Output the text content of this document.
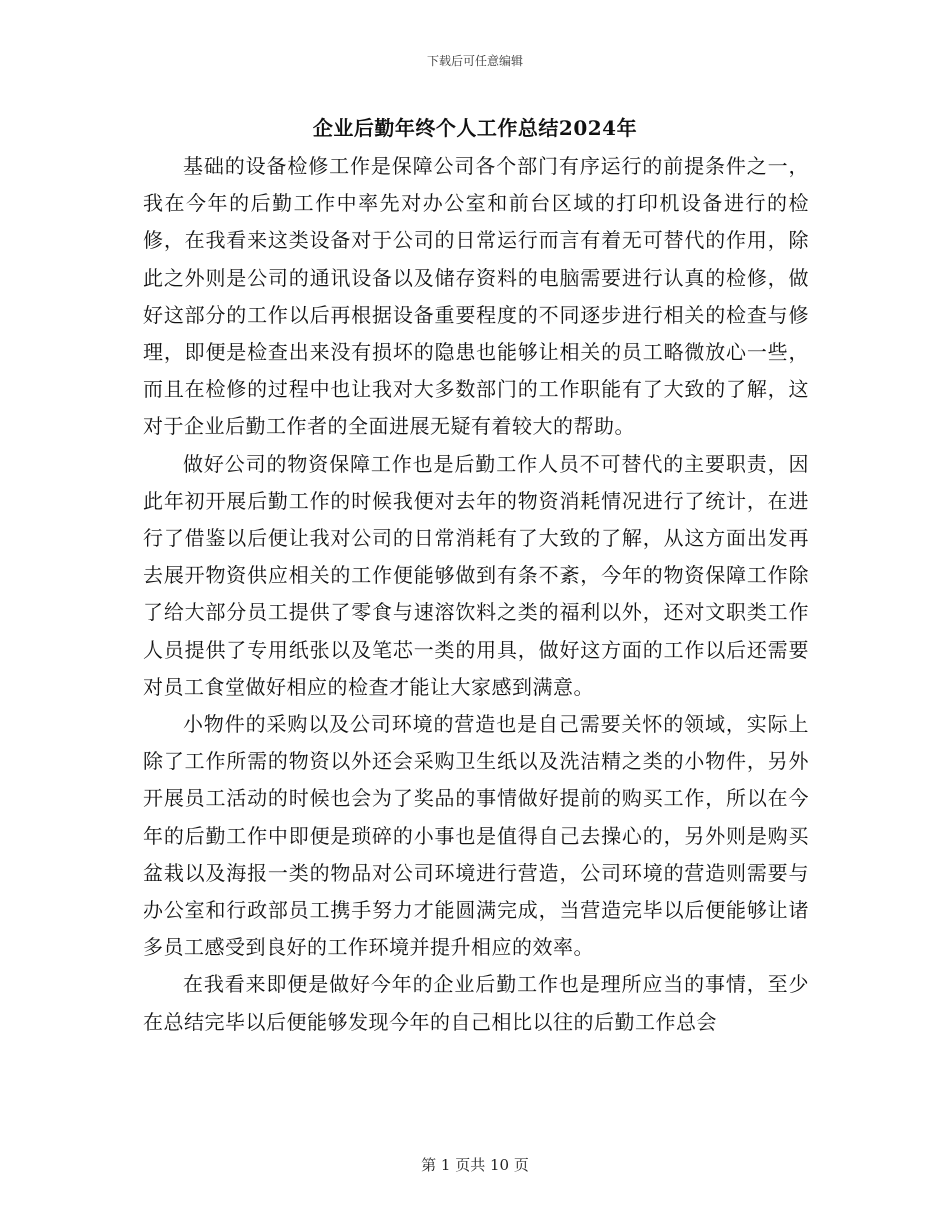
下载后可任意编辑
企业后勤年终个人工作总结2024年

基础的设备检修工作是保障公司各个部门有序运行的前提条件之一，我在今年的后勤工作中率先对办公室和前台区域的打印机设备进行的检修，在我看来这类设备对于公司的日常运行而言有着无可替代的作用，除此之外则是公司的通讯设备以及储存资料的电脑需要进行认真的检修，做好这部分的工作以后再根据设备重要程度的不同逐步进行相关的检查与修理，即便是检查出来没有损坏的隐患也能够让相关的员工略微放心一些，而且在检修的过程中也让我对大多数部门的工作职能有了大致的了解，这对于企业后勤工作者的全面进展无疑有着较大的帮助。

做好公司的物资保障工作也是后勤工作人员不可替代的主要职责，因此年初开展后勤工作的时候我便对去年的物资消耗情况进行了统计，在进行了借鉴以后便让我对公司的日常消耗有了大致的了解，从这方面出发再去展开物资供应相关的工作便能够做到有条不紊，今年的物资保障工作除了给大部分员工提供了零食与速溶饮料之类的福利以外，还对文职类工作人员提供了专用纸张以及笔芯一类的用具，做好这方面的工作以后还需要对员工食堂做好相应的检查才能让大家感到满意。

小物件的采购以及公司环境的营造也是自己需要关怀的领域，实际上除了工作所需的物资以外还会采购卫生纸以及洗洁精之类的小物件，另外开展员工活动的时候也会为了奖品的事情做好提前的购买工作，所以在今年的后勤工作中即便是琐碎的小事也是值得自己去操心的，另外则是购买盆栽以及海报一类的物品对公司环境进行营造，公司环境的营造则需要与办公室和行政部员工携手努力才能圆满完成，当营造完毕以后便能够让诸多员工感受到良好的工作环境并提升相应的效率。

在我看来即便是做好今年的企业后勤工作也是理所应当的事情，至少在总结完毕以后便能够发现今年的自己相比以往的后勤工作总会

第 1 页共 10 页
